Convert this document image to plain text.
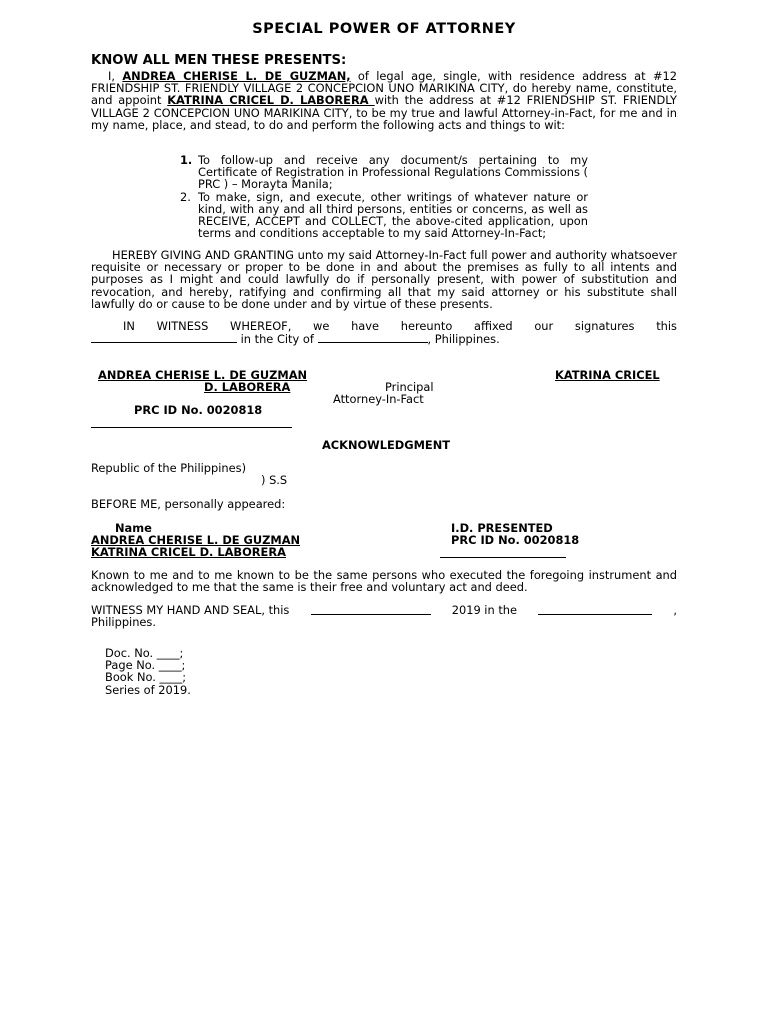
SPECIAL POWER OF ATTORNEY
KNOW ALL MEN THESE PRESENTS:
I, ANDREA CHERISE L. DE GUZMAN, of legal age, single, with residence address at #12 FRIENDSHIP ST. FRIENDLY VILLAGE 2 CONCEPCION UNO MARIKINA CITY, do hereby name, constitute, and appoint KATRINA CRICEL D. LABORERA with the address at #12 FRIENDSHIP ST. FRIENDLY VILLAGE 2 CONCEPCION UNO MARIKINA CITY, to be my true and lawful Attorney-in-Fact, for me and in my name, place, and stead, to do and perform the following acts and things to wit:
1. To follow-up and receive any document/s pertaining to my Certificate of Registration in Professional Regulations Commissions ( PRC ) – Morayta Manila;
2. To make, sign, and execute, other writings of whatever nature or kind, with any and all third persons, entities or concerns, as well as RECEIVE, ACCEPT and COLLECT, the above-cited application, upon terms and conditions acceptable to my said Attorney-In-Fact;
HEREBY GIVING AND GRANTING unto my said Attorney-In-Fact full power and authority whatsoever requisite or necessary or proper to be done in and about the premises as fully to all intents and purposes as I might and could lawfully do if personally present, with power of substitution and revocation, and hereby, ratifying and confirming all that my said attorney or his substitute shall lawfully do or cause to be done under and by virtue of these presents.
IN WITNESS WHEREOF, we have hereunto affixed our signatures this
in the City of	, Philippines.
ANDREA CHERISE L. DE GUZMAN	KATRINA CRICEL
D. LABORERA	Principal
Attorney-In-Fact
PRC ID No. 0020818
ACKNOWLEDGMENT
Republic of the Philippines)
) S.S
BEFORE ME, personally appeared:
Name	I.D. PRESENTED
ANDREA CHERISE L. DE GUZMAN	PRC ID No. 0020818
KATRINA CRICEL D. LABORERA
Known to me and to me known to be the same persons who executed the foregoing instrument and acknowledged to me that the same is their free and voluntary act and deed.
WITNESS MY HAND AND SEAL, this	2019 in the	,
Philippines.
Doc. No. ____;
Page No. ____;
Book No. ____;
Series of 2019.
